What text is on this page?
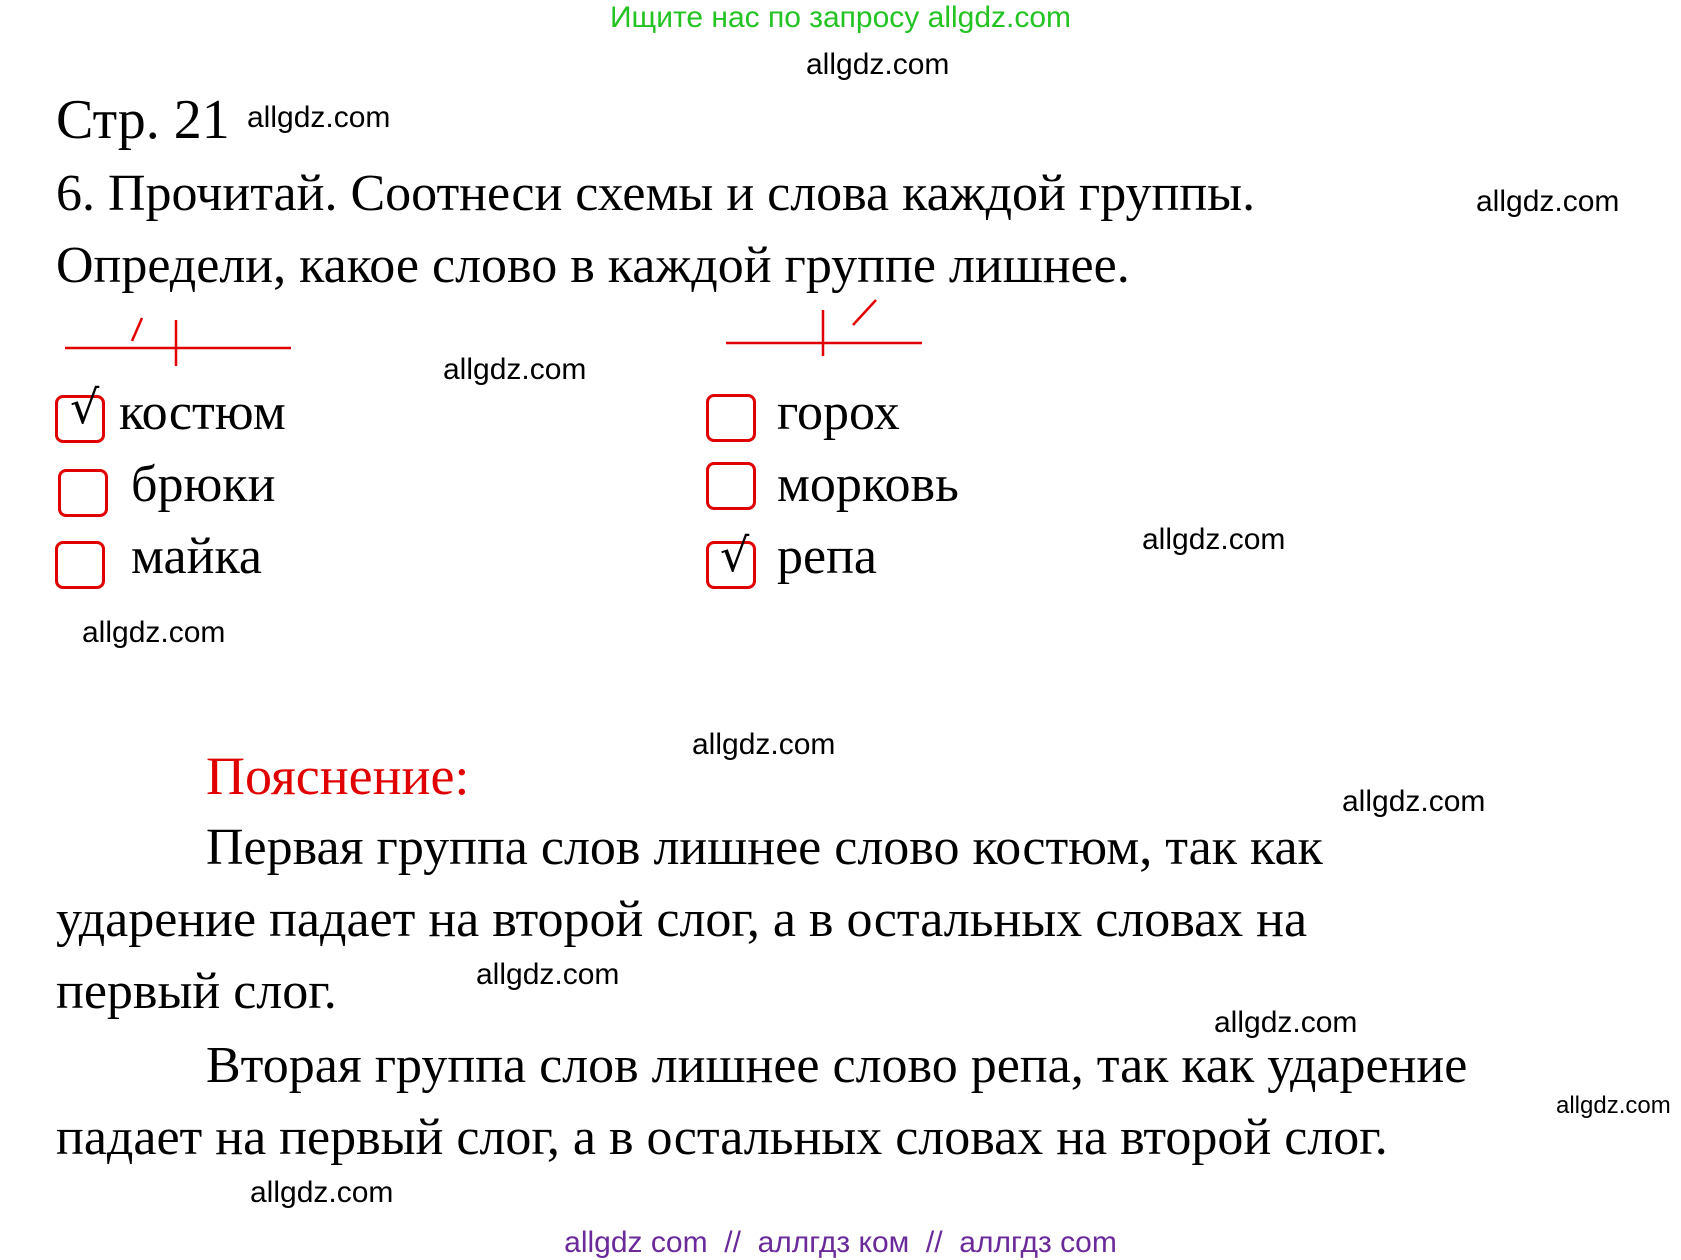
Ищите нас по запросу allgdz.com
allgdz.com
allgdz.com
allgdz.com
allgdz.com
allgdz.com
allgdz.com
allgdz.com
allgdz.com
allgdz.com
allgdz.com
allgdz.com
allgdz.com
Стр. 21
6. Прочитай. Соотнеси схемы и слова каждой группы.
Определи, какое слово в каждой группе лишнее.
√ костюм
брюки
майка
горох
морковь
√ репа
Пояснение:
Первая группа слов лишнее слово костюм, так как
ударение падает на второй слог, а в остальных словах на
первый слог.
Вторая группа слов лишнее слово репа, так как ударение
падает на первый слог, а в остальных словах на второй слог.
allgdz com // аллгдз ком // аллгдз com
